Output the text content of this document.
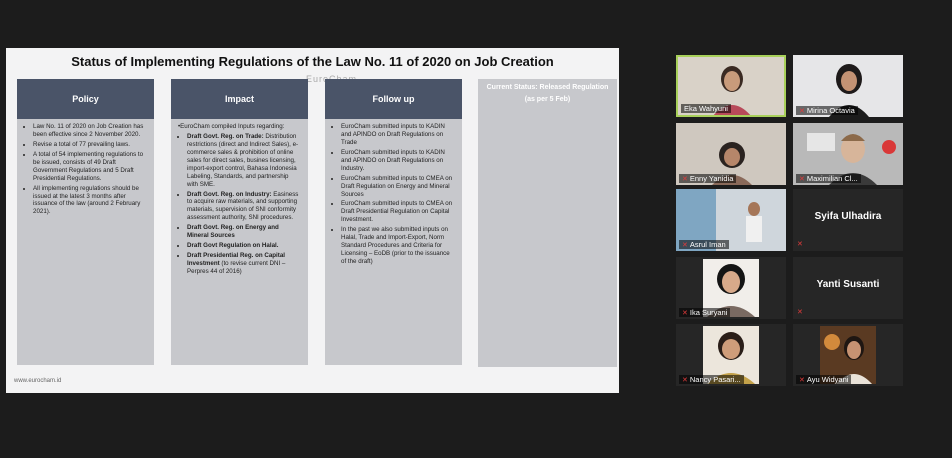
Status of Implementing Regulations of the Law No. 11 of 2020 on Job Creation
Policy
• Law No. 11 of 2020 on Job Creation has been effective since 2 November 2020.
• Revise a total of 77 prevailing laws.
• A total of 54 implementing regulations to be issued, consists of 49 Draft Government Regulations and 5 Draft Presidential Regulations.
• All implementing regulations should be issued at the latest 3 months after issuance of the law (around 2 February 2021).
Impact
•EuroCham compiled Inputs regarding:
• Draft Govt. Reg. on Trade: Distribution restrictions (direct and Indirect Sales), e-commerce sales & prohibition of online sales for direct sales, busines licensing, import-export control, Bahasa Indonesia Labeling, Standards, and partnership with SME.
• Draft Govt. Reg. on Industry: Easiness to acquire raw materials, and supporting materials, supervision of SNI conformity assessment authority, SNI procedures.
• Draft Govt. Reg. on Energy and Mineral Sources
• Draft Govt Regulation on Halal.
• Draft Presidential Reg. on Capital Investment (to revise current DNI – Perpres 44 of 2016)
Follow up
• EuroCham submitted inputs to KADIN and APINDO on Draft Regulations on Trade
• EuroCham submitted inputs to KADIN and APINDO on Draft Regulations on Industry.
• EuroCham submitted inputs to CMEA on Draft Regulation on Energy and Mineral Sources
• EuroCham submitted inputs to CMEA on Draft Presidential Regulation on Capital Investment.
• In the past we also submitted inputs on Halal, Trade and Import-Export, Norm Standard Procedures and Criteria for Licensing – EoDB (prior to the issuance of the draft)
Current Status: Released Regulation
(as per 5 Feb)
www.eurocham.id
Eka Wahyuni	✕ Mirina Octavia
✕ Enny Yanidia	✕ Maximilian Cl...
✕ Asrul Iman
Syifa Ulhadira
✕
✕ Ika Suryani
Yanti Susanti
✕
✕ Nancy Pasari...	✕ Ayu Widyani
